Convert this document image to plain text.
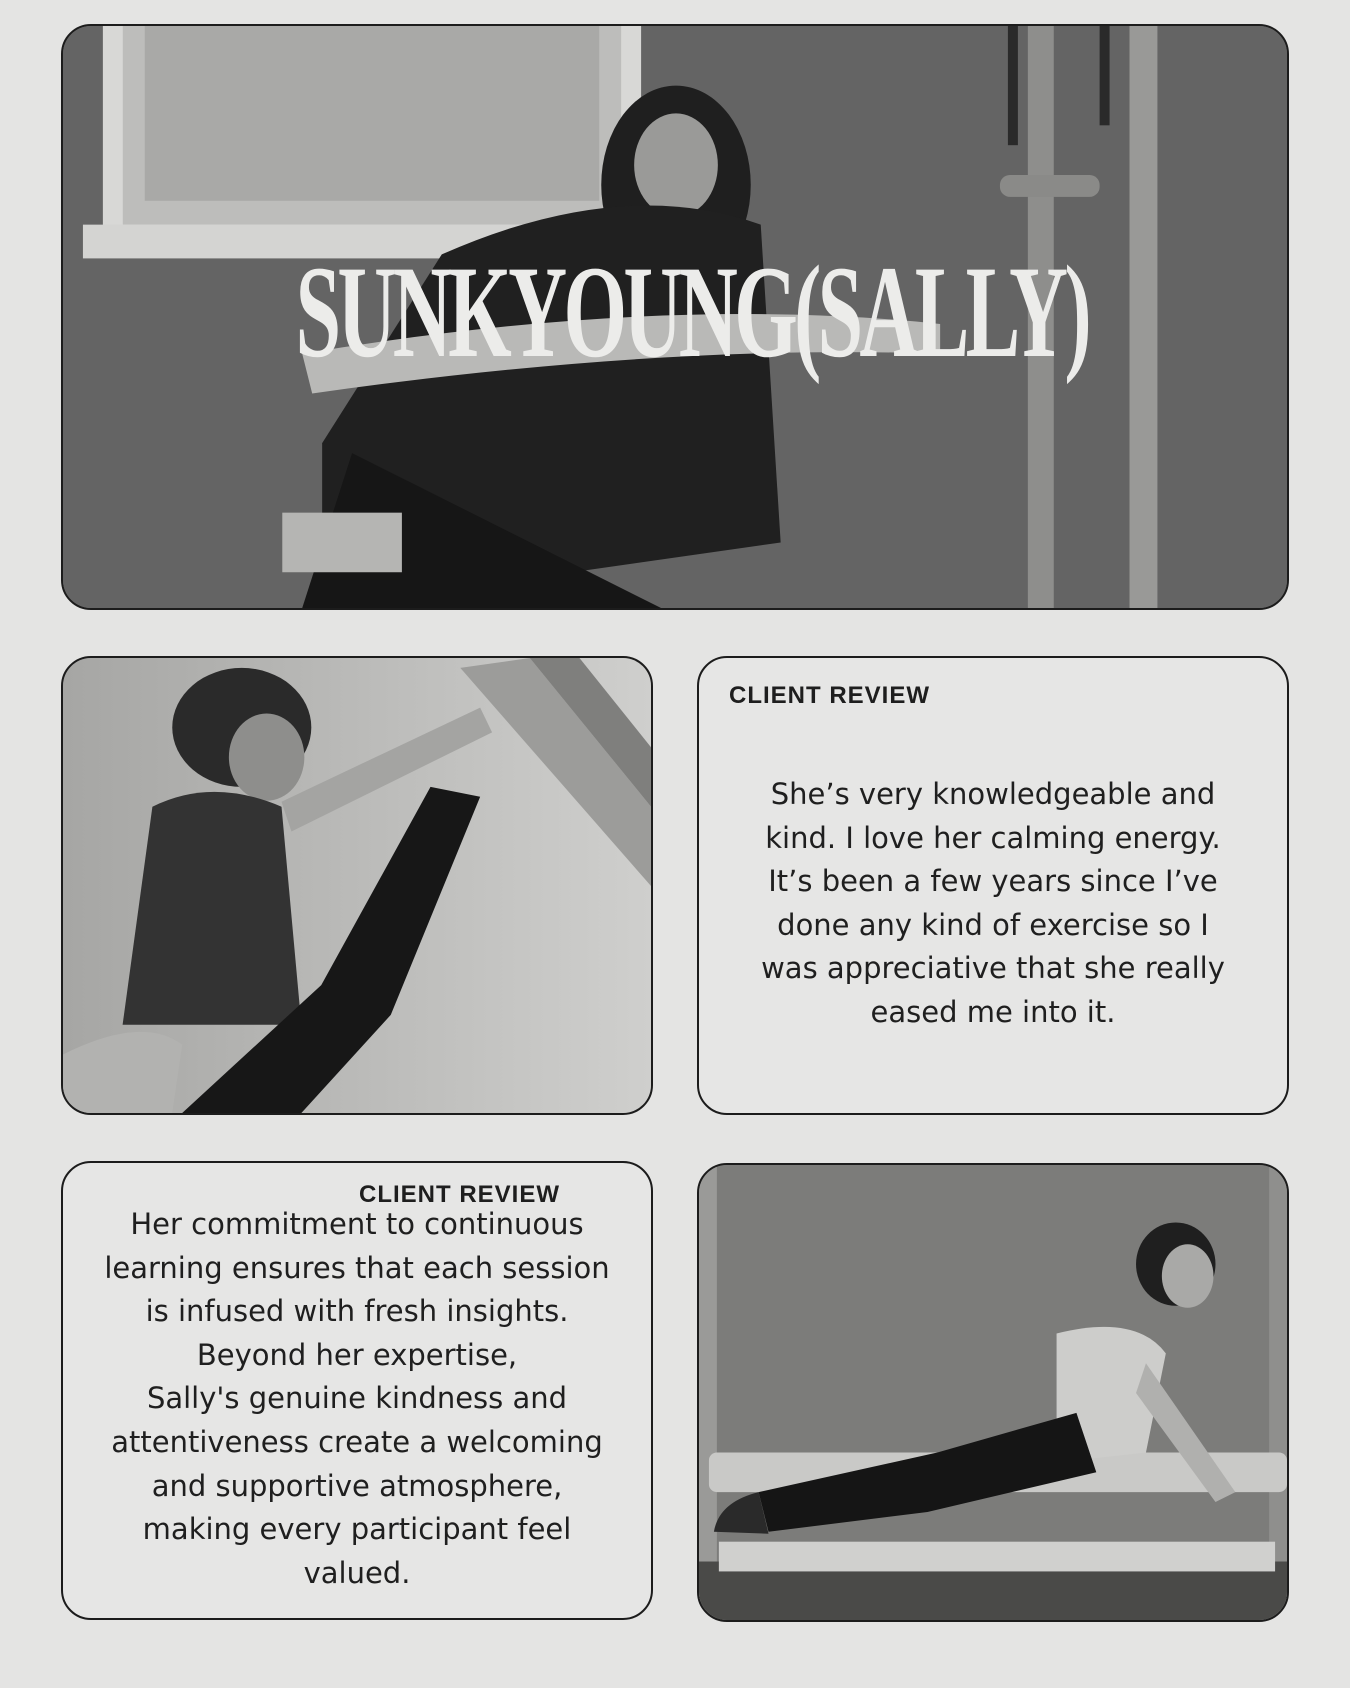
SUNKYOUNG(SALLY)
CLIENT REVIEW
She’s very knowledgeable and
kind. I love her calming energy.
It’s been a few years since I’ve
done any kind of exercise so I
was appreciative that she really
eased me into it.
CLIENT REVIEW
Her commitment to continuous
learning ensures that each session
is infused with fresh insights.
Beyond her expertise,
Sally's genuine kindness and
attentiveness create a welcoming
and supportive atmosphere,
making every participant feel
valued.
